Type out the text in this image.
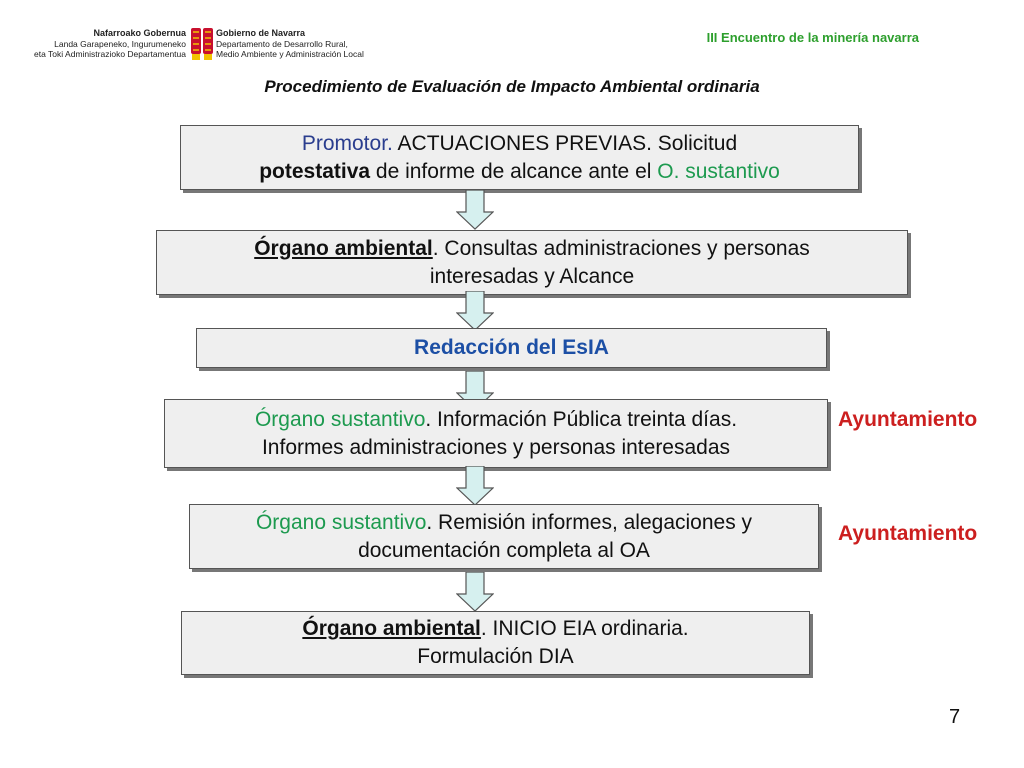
Nafarroako Gobernua
Landa Garapeneko, Ingurumeneko
eta Toki Administrazioko Departamentua
Gobierno de Navarra
Departamento de Desarrollo Rural,
Medio Ambiente y Administración Local
III Encuentro de la minería navarra
Procedimiento de Evaluación de Impacto Ambiental ordinaria
Promotor. ACTUACIONES PREVIAS. Solicitud
potestativa de informe de alcance ante el O. sustantivo
Órgano ambiental. Consultas administraciones y personas
interesadas y Alcance
Redacción del EsIA
Órgano sustantivo. Información Pública treinta días.
Informes administraciones y personas interesadas
Ayuntamiento
Órgano sustantivo. Remisión informes, alegaciones y
documentación completa al OA
Ayuntamiento
Órgano ambiental. INICIO EIA ordinaria.
Formulación DIA
7
